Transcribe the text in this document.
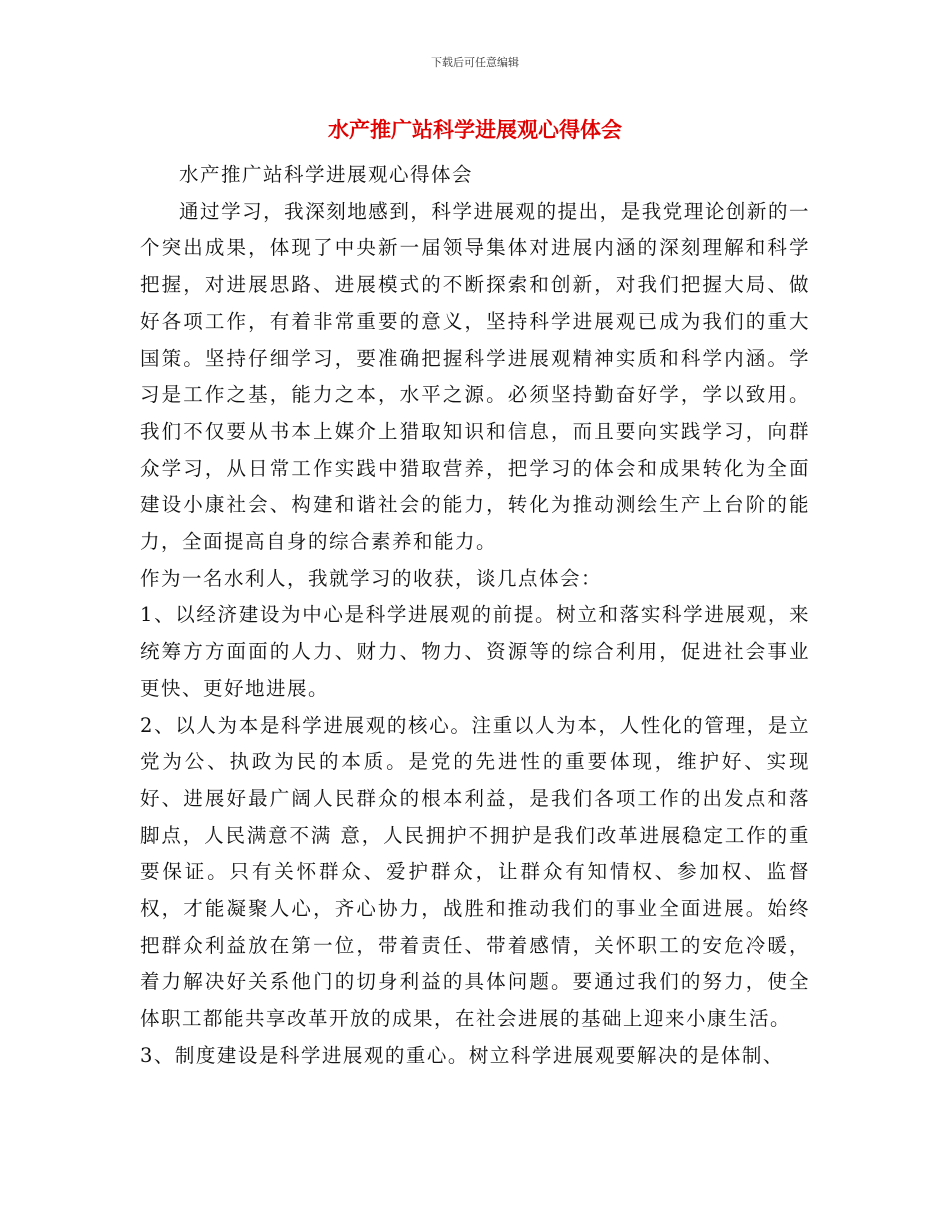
下载后可任意编辑
水产推广站科学进展观心得体会

水产推广站科学进展观心得体会

通过学习，我深刻地感到，科学进展观的提出，是我党理论创新的一个突出成果，体现了中央新一届领导集体对进展内涵的深刻理解和科学把握，对进展思路、进展模式的不断探索和创新，对我们把握大局、做好各项工作，有着非常重要的意义，坚持科学进展观已成为我们的重大国策。坚持仔细学习，要准确把握科学进展观精神实质和科学内涵。学习是工作之基，能力之本，水平之源。必须坚持勤奋好学，学以致用。我们不仅要从书本上媒介上猎取知识和信息，而且要向实践学习，向群众学习，从日常工作实践中猎取营养，把学习的体会和成果转化为全面建设小康社会、构建和谐社会的能力，转化为推动测绘生产上台阶的能力，全面提高自身的综合素养和能力。

作为一名水利人，我就学习的收获，谈几点体会：

1、以经济建设为中心是科学进展观的前提。树立和落实科学进展观，来统筹方方面面的人力、财力、物力、资源等的综合利用，促进社会事业更快、更好地进展。

2、以人为本是科学进展观的核心。注重以人为本，人性化的管理，是立党为公、执政为民的本质。是党的先进性的重要体现，维护好、实现好、进展好最广阔人民群众的根本利益，是我们各项工作的出发点和落脚点，人民满意不满 意，人民拥护不拥护是我们改革进展稳定工作的重要保证。只有关怀群众、爱护群众，让群众有知情权、参加权、监督权，才能凝聚人心，齐心协力，战胜和推动我们的事业全面进展。始终把群众利益放在第一位，带着责任、带着感情，关怀职工的安危冷暖，着力解决好关系他门的切身利益的具体问题。要通过我们的努力，使全体职工都能共享改革开放的成果，在社会进展的基础上迎来小康生活。

3、制度建设是科学进展观的重心。树立科学进展观要解决的是体制、
